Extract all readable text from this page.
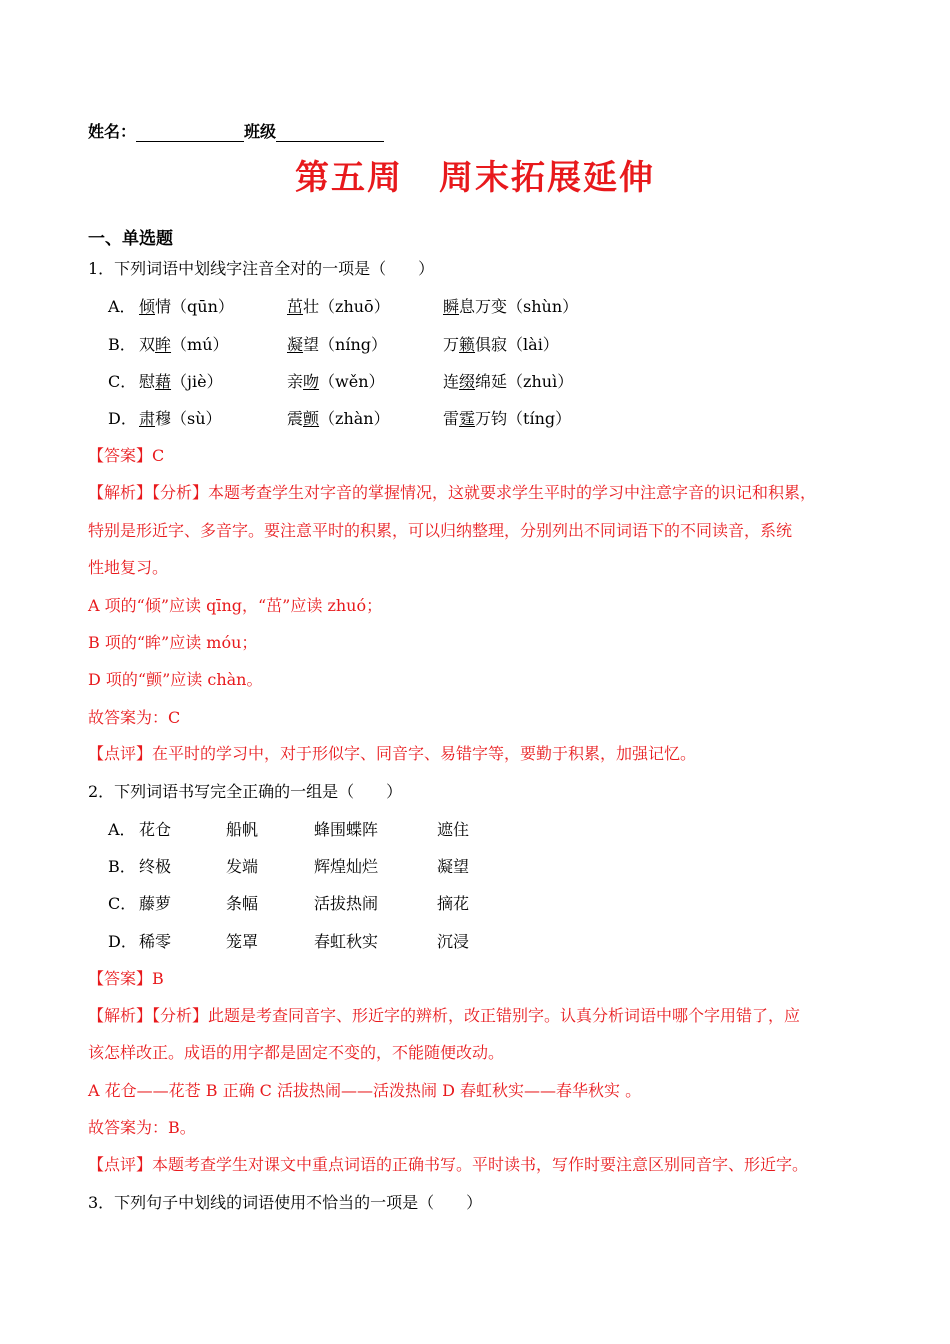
姓名：	班级
第五周　周末拓展延伸
一、单选题
1．下列词语中划线字注音全对的一项是（　　）
A． 倾情（qūn）	茁壮（zhuō）	瞬息万变（shùn）
B． 双眸（mú）	凝望（níng）	万籁俱寂（lài）
C． 慰藉（jiè）	亲吻（wěn）	连缀绵延（zhuì）
D． 肃穆（sù）	震颤（zhàn）	雷霆万钧（tíng）
【答案】C
【解析】【分析】本题考查学生对字音的掌握情况，这就要求学生平时的学习中注意字音的识记和积累，
特别是形近字、多音字。要注意平时的积累，可以归纳整理，分别列出不同词语下的不同读音，系统
性地复习。
A 项的“倾”应读 qīng，“茁”应读 zhuó；
B 项的“眸”应读 móu；
D 项的“颤”应读 chàn。
故答案为：C
【点评】在平时的学习中，对于形似字、同音字、易错字等，要勤于积累，加强记忆。
2．下列词语书写完全正确的一组是（　　）
A． 花仓	船帆	蜂围蝶阵	遮住
B． 终极	发端	辉煌灿烂	凝望
C． 藤萝	条幅	活拔热闹	摘花
D． 稀零	笼罩	春虹秋实	沉浸
【答案】B
【解析】【分析】此题是考查同音字、形近字的辨析，改正错别字。认真分析词语中哪个字用错了，应
该怎样改正。成语的用字都是固定不变的，不能随便改动。
A 花仓——花苍 B 正确 C 活拔热闹——活泼热闹 D 春虹秋实——春华秋实 。
故答案为：B。
【点评】本题考查学生对课文中重点词语的正确书写。平时读书，写作时要注意区别同音字、形近字。
3．下列句子中划线的词语使用不恰当的一项是（　　）
